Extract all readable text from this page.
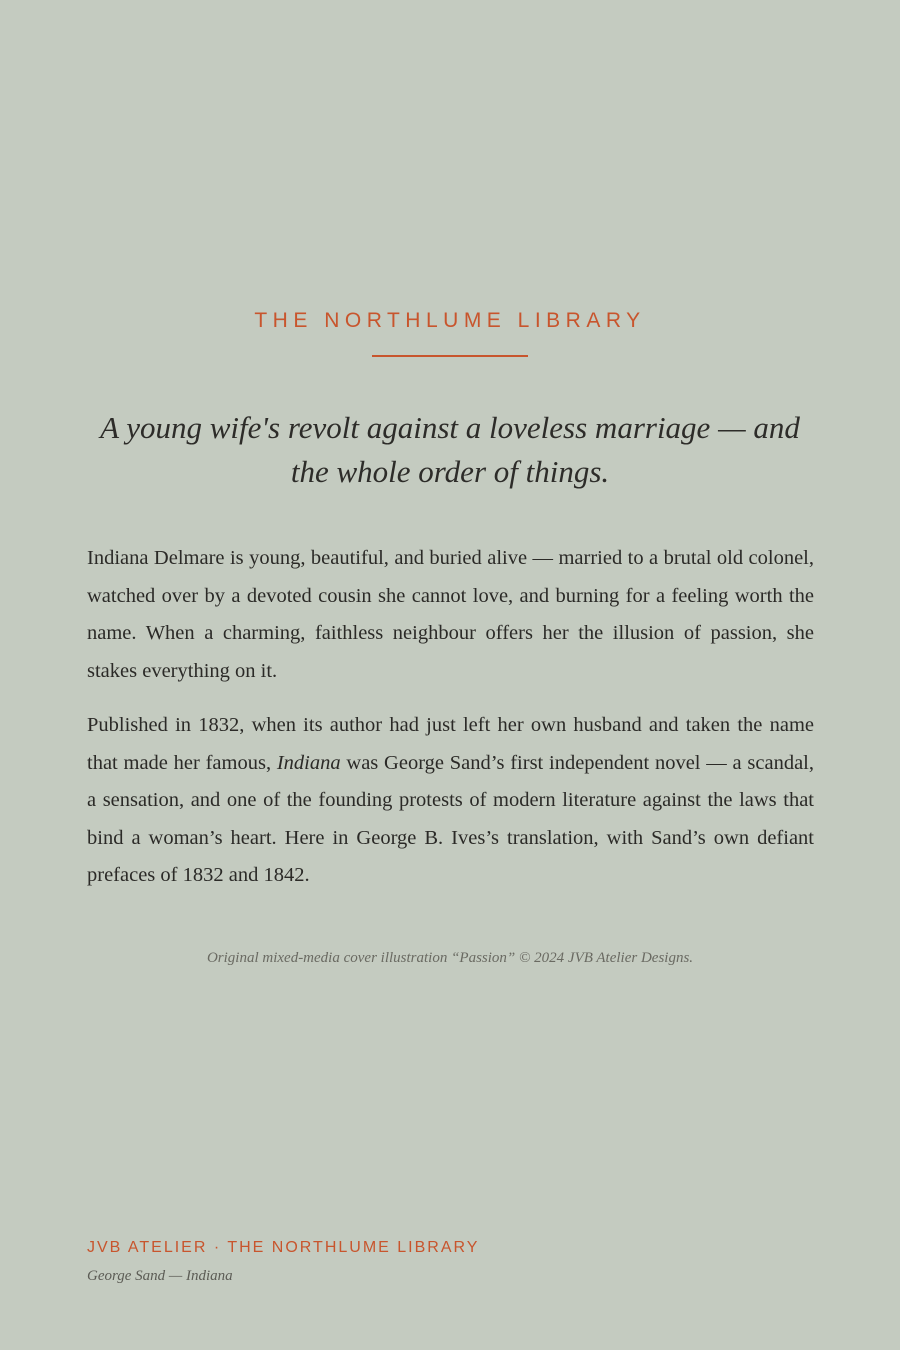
THE NORTHLUME LIBRARY
A young wife's revolt against a loveless marriage — and
the whole order of things.

Indiana Delmare is young, beautiful, and buried alive — married to a brutal old colonel, watched over by a devoted cousin she cannot love, and burning for a feeling worth the name. When a charming, faithless neighbour offers her the illusion of passion, she stakes everything on it.

Published in 1832, when its author had just left her own husband and taken the name that made her famous, Indiana was George Sand’s first independent novel — a scandal, a sensation, and one of the founding protests of modern literature against the laws that bind a woman’s heart. Here in George B. Ives’s translation, with Sand’s own defiant prefaces of 1832 and 1842.

Original mixed-media cover illustration “Passion” © 2024 JVB Atelier Designs.
JVB ATELIER · THE NORTHLUME LIBRARY
George Sand — Indiana
